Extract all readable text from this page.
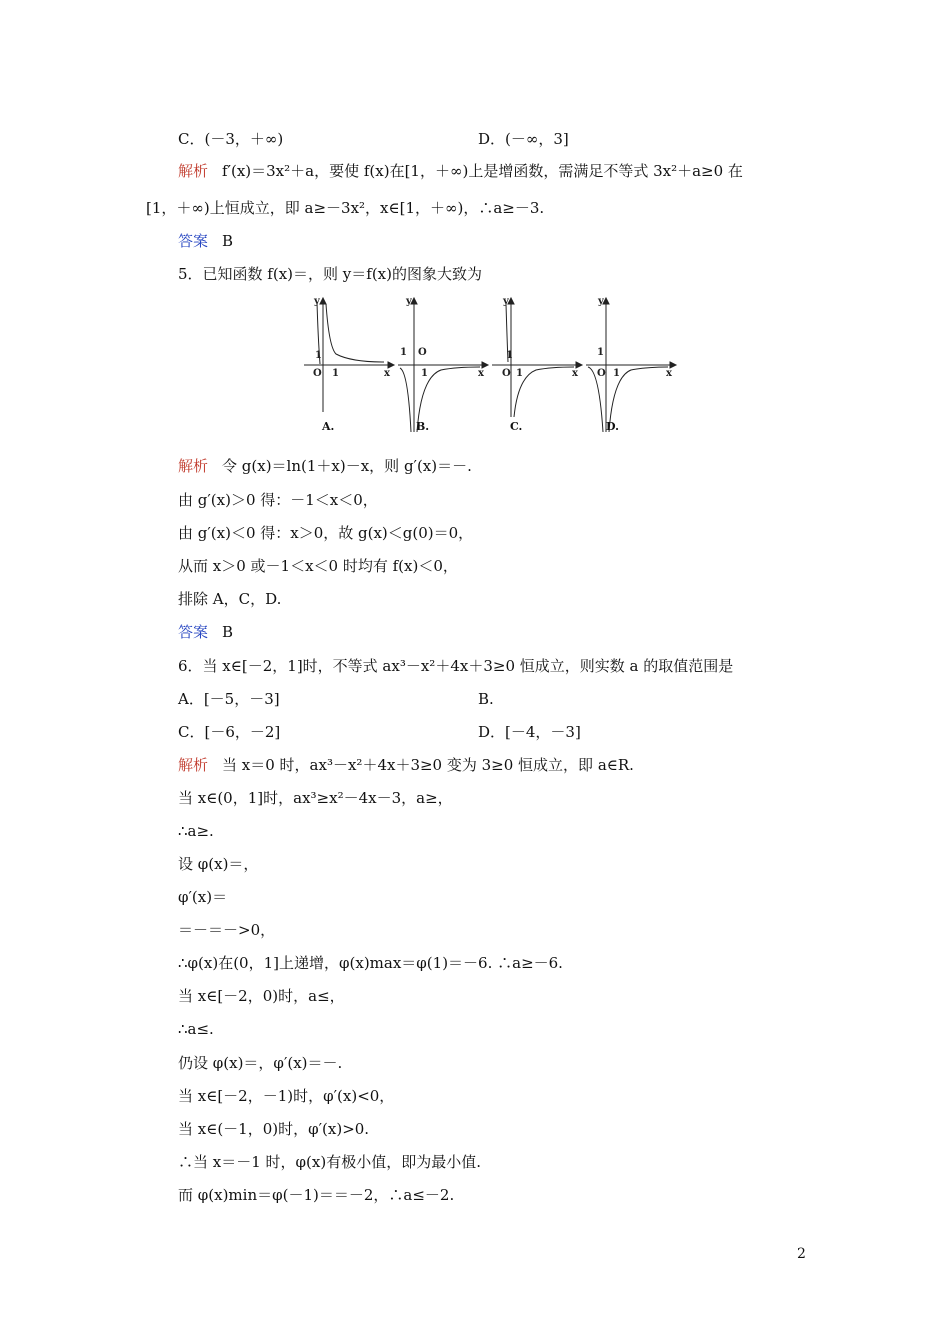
C．(－3，＋∞)	D．(－∞，3]
解析 f′(x)＝3x²＋a，要使 f(x)在[1，＋∞)上是增函数，需满足不等式 3x²＋a≥0 在
[1，＋∞)上恒成立，即 a≥－3x²，x∈[1，＋∞)，∴a≥－3.
答案 B
5．已知函数 f(x)＝，则 y＝f(x)的图象大致为
解析 令 g(x)＝ln(1＋x)－x，则 g′(x)＝－.
由 g′(x)＞0 得：－1＜x＜0，
由 g′(x)＜0 得：x＞0，故 g(x)＜g(0)＝0，
从而 x＞0 或－1＜x＜0 时均有 f(x)＜0，
排除 A，C，D.
答案 B
6．当 x∈[－2，1]时，不等式 ax³－x²＋4x＋3≥0 恒成立，则实数 a 的取值范围是
A．[－5，－3]	B.
C．[－6，－2]	D．[－4，－3]
解析 当 x＝0 时，ax³－x²＋4x＋3≥0 变为 3≥0 恒成立，即 a∈R.
当 x∈(0，1]时，ax³≥x²－4x－3，a≥，
∴a≥.
设 φ(x)＝，
φ′(x)＝
＝－＝－>0，
∴φ(x)在(0，1]上递增，φ(x)max＝φ(1)＝－6. ∴a≥－6.
当 x∈[－2，0)时，a≤，
∴a≤.
仍设 φ(x)＝，φ′(x)＝－.
当 x∈[－2，－1)时，φ′(x)<0，
当 x∈(－1，0)时，φ′(x)>0.
∴当 x＝－1 时，φ(x)有极小值，即为最小值.
而 φ(x)min＝φ(－1)＝＝－2，∴a≤－2.
y
x
O 1
1
y
x
1 O
1
y
x
O 1
1
y
x
1
O 1
A.	B.	C.	D.
2
